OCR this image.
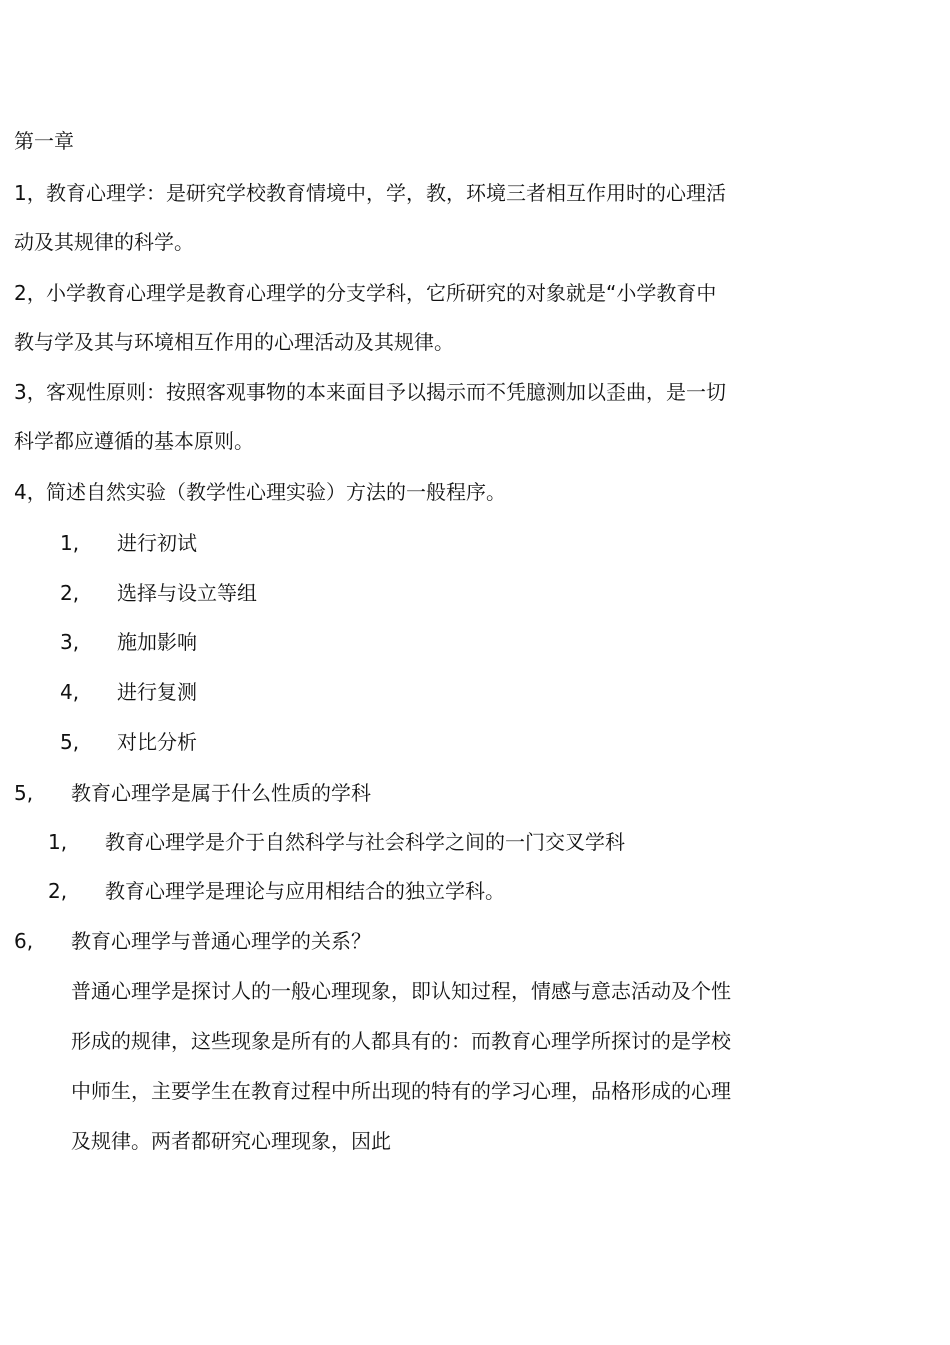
第一章
1， 教育心理学：是研究学校教育情境中，学，教，环境三者相互作用时的心理活
动及其规律的科学。
2， 小学教育心理学是教育心理学的分支学科，它所研究的对象就是“小学教育中
教与学及其与环境相互作用的心理活动及其规律。
3， 客观性原则：按照客观事物的本来面目予以揭示而不凭臆测加以歪曲，是一切
科学都应遵循的基本原则。
4， 简述自然实验（教学性心理实验）方法的一般程序。
1, 进行初试
2, 选择与设立等组
3, 施加影响
4, 进行复测
5, 对比分析
5, 教育心理学是属于什么性质的学科
1, 教育心理学是介于自然科学与社会科学之间的一门交叉学科
2, 教育心理学是理论与应用相结合的独立学科。
6, 教育心理学与普通心理学的关系？
普通心理学是探讨人的一般心理现象，即认知过程，情感与意志活动及个性
形成的规律，这些现象是所有的人都具有的：而教育心理学所探讨的是学校
中师生，主要学生在教育过程中所出现的特有的学习心理，品格形成的心理
及规律。两者都研究心理现象，因此
